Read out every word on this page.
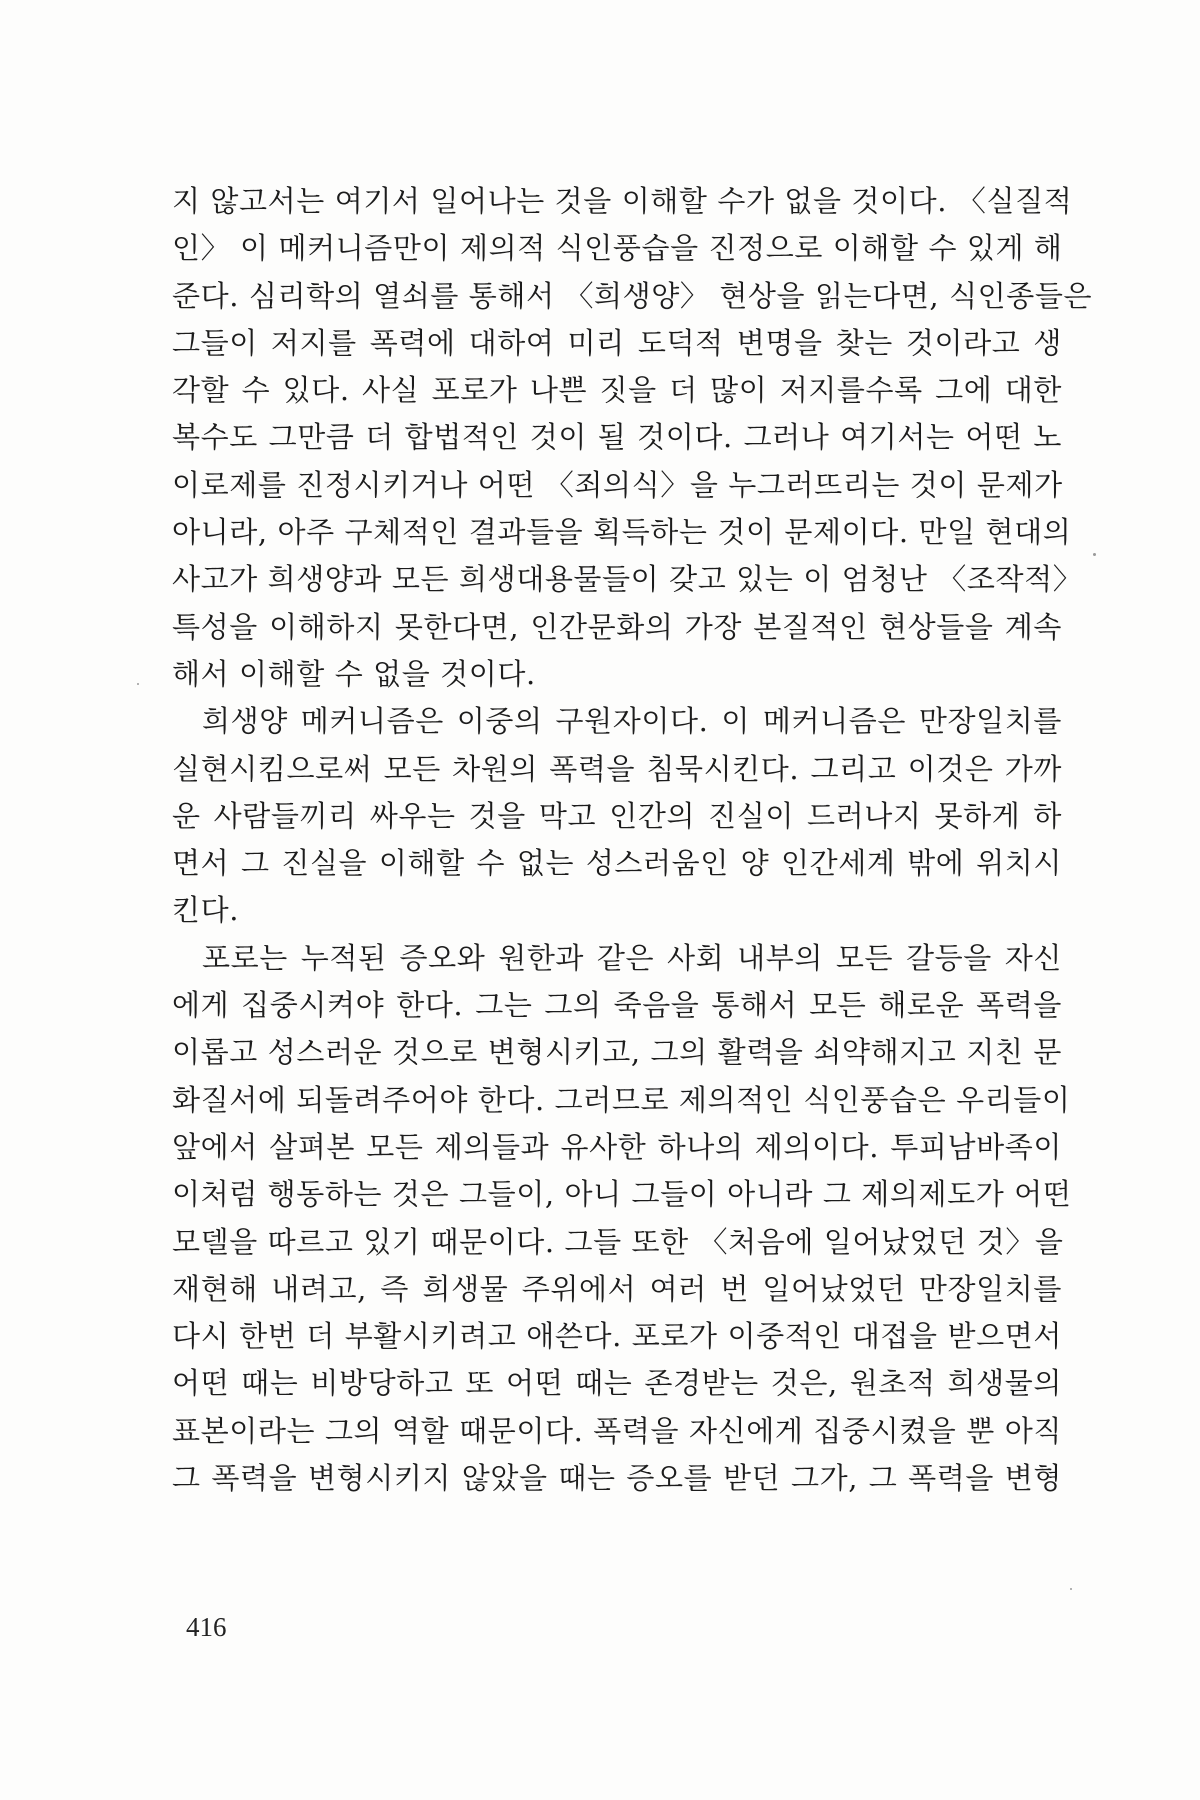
지 않고서는 여기서 일어나는 것을 이해할 수가 없을 것이다. 〈실질적
인〉 이 메커니즘만이 제의적 식인풍습을 진정으로 이해할 수 있게 해
준다. 심리학의 열쇠를 통해서 〈희생양〉 현상을 읽는다면, 식인종들은
그들이 저지를 폭력에 대하여 미리 도덕적 변명을 찾는 것이라고 생
각할 수 있다. 사실 포로가 나쁜 짓을 더 많이 저지를수록 그에 대한
복수도 그만큼 더 합법적인 것이 될 것이다. 그러나 여기서는 어떤 노
이로제를 진정시키거나 어떤 〈죄의식〉을 누그러뜨리는 것이 문제가
아니라, 아주 구체적인 결과들을 획득하는 것이 문제이다. 만일 현대의
사고가 희생양과 모든 희생대용물들이 갖고 있는 이 엄청난 〈조작적〉
특성을 이해하지 못한다면, 인간문화의 가장 본질적인 현상들을 계속
해서 이해할 수 없을 것이다.
희생양 메커니즘은 이중의 구원자이다. 이 메커니즘은 만장일치를
실현시킴으로써 모든 차원의 폭력을 침묵시킨다. 그리고 이것은 가까
운 사람들끼리 싸우는 것을 막고 인간의 진실이 드러나지 못하게 하
면서 그 진실을 이해할 수 없는 성스러움인 양 인간세계 밖에 위치시
킨다.
포로는 누적된 증오와 원한과 같은 사회 내부의 모든 갈등을 자신
에게 집중시켜야 한다. 그는 그의 죽음을 통해서 모든 해로운 폭력을
이롭고 성스러운 것으로 변형시키고, 그의 활력을 쇠약해지고 지친 문
화질서에 되돌려주어야 한다. 그러므로 제의적인 식인풍습은 우리들이
앞에서 살펴본 모든 제의들과 유사한 하나의 제의이다. 투피남바족이
이처럼 행동하는 것은 그들이, 아니 그들이 아니라 그 제의제도가 어떤
모델을 따르고 있기 때문이다. 그들 또한 〈처음에 일어났었던 것〉을
재현해 내려고, 즉 희생물 주위에서 여러 번 일어났었던 만장일치를
다시 한번 더 부활시키려고 애쓴다. 포로가 이중적인 대접을 받으면서
어떤 때는 비방당하고 또 어떤 때는 존경받는 것은, 원초적 희생물의
표본이라는 그의 역할 때문이다. 폭력을 자신에게 집중시켰을 뿐 아직
그 폭력을 변형시키지 않았을 때는 증오를 받던 그가, 그 폭력을 변형
416
